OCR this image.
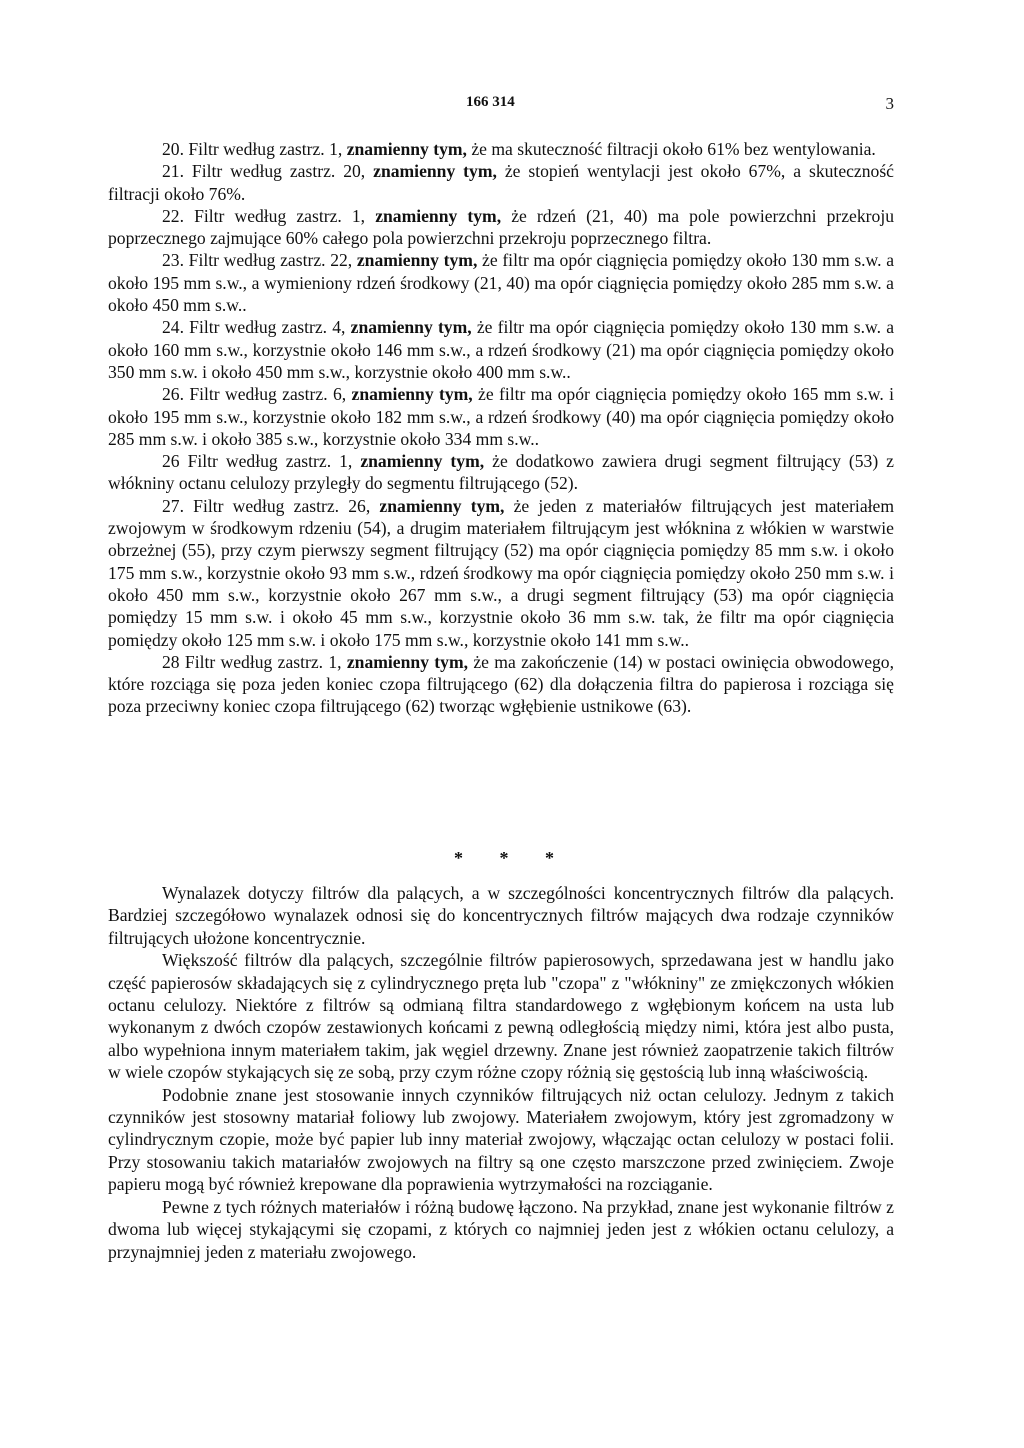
166 314	3

20. Filtr według zastrz. 1, znamienny tym, że ma skuteczność filtracji około 61% bez wentylowania.

21. Filtr według zastrz. 20, znamienny tym, że stopień wentylacji jest około 67%, a skuteczność filtracji około 76%.

22. Filtr według zastrz. 1, znamienny tym, że rdzeń (21, 40) ma pole powierzchni przekroju poprzecznego zajmujące 60% całego pola powierzchni przekroju poprzecznego filtra.

23. Filtr według zastrz. 22, znamienny tym, że filtr ma opór ciągnięcia pomiędzy około 130 mm s.w. a około 195 mm s.w., a wymieniony rdzeń środkowy (21, 40) ma opór ciągnięcia pomiędzy około 285 mm s.w. a około 450 mm s.w..

24. Filtr według zastrz. 4, znamienny tym, że filtr ma opór ciągnięcia pomiędzy około 130 mm s.w. a około 160 mm s.w., korzystnie około 146 mm s.w., a rdzeń środkowy (21) ma opór ciągnięcia pomiędzy około 350 mm s.w. i około 450 mm s.w., korzystnie około 400 mm s.w..

26. Filtr według zastrz. 6, znamienny tym, że filtr ma opór ciągnięcia pomiędzy około 165 mm s.w. i około 195 mm s.w., korzystnie około 182 mm s.w., a rdzeń środkowy (40) ma opór ciągnięcia pomiędzy około 285 mm s.w. i około 385 s.w., korzystnie około 334 mm s.w..

26 Filtr według zastrz. 1, znamienny tym, że dodatkowo zawiera drugi segment filtrujący (53) z włókniny octanu celulozy przyległy do segmentu filtrującego (52).

27. Filtr według zastrz. 26, znamienny tym, że jeden z materiałów filtrujących jest materiałem zwojowym w środkowym rdzeniu (54), a drugim materiałem filtrującym jest włóknina z włókien w warstwie obrzeżnej (55), przy czym pierwszy segment filtrujący (52) ma opór ciągnięcia pomiędzy 85 mm s.w. i około 175 mm s.w., korzystnie około 93 mm s.w., rdzeń środkowy ma opór ciągnięcia pomiędzy około 250 mm s.w. i około 450 mm s.w., korzystnie około 267 mm s.w., a drugi segment filtrujący (53) ma opór ciągnięcia pomiędzy 15 mm s.w. i około 45 mm s.w., korzystnie około 36 mm s.w. tak, że filtr ma opór ciągnięcia pomiędzy około 125 mm s.w. i około 175 mm s.w., korzystnie około 141 mm s.w..

28 Filtr według zastrz. 1, znamienny tym, że ma zakończenie (14) w postaci owinięcia obwodowego, które rozciąga się poza jeden koniec czopa filtrującego (62) dla dołączenia filtra do papierosa i rozciąga się poza przeciwny koniec czopa filtrującego (62) tworząc wgłębienie ustnikowe (63).

* * *

Wynalazek dotyczy filtrów dla palących, a w szczególności koncentrycznych filtrów dla palących. Bardziej szczegółowo wynalazek odnosi się do koncentrycznych filtrów mających dwa rodzaje czynników filtrujących ułożone koncentrycznie.

Większość filtrów dla palących, szczególnie filtrów papierosowych, sprzedawana jest w handlu jako część papierosów składających się z cylindrycznego pręta lub "czopa" z "włókniny" ze zmiękczonych włókien octanu celulozy. Niektóre z filtrów są odmianą filtra standardowego z wgłębionym końcem na usta lub wykonanym z dwóch czopów zestawionych końcami z pewną odległością między nimi, która jest albo pusta, albo wypełniona innym materiałem takim, jak węgiel drzewny. Znane jest również zaopatrzenie takich filtrów w wiele czopów stykających się ze sobą, przy czym różne czopy różnią się gęstością lub inną właściwością.

Podobnie znane jest stosowanie innych czynników filtrujących niż octan celulozy. Jednym z takich czynników jest stosowny matariał foliowy lub zwojowy. Materiałem zwojowym, który jest zgromadzony w cylindrycznym czopie, może być papier lub inny materiał zwojowy, włączając octan celulozy w postaci folii. Przy stosowaniu takich matariałów zwojowych na filtry są one często marszczone przed zwinięciem. Zwoje papieru mogą być również krepowane dla poprawienia wytrzymałości na rozciąganie.

Pewne z tych różnych materiałów i różną budowę łączono. Na przykład, znane jest wykonanie filtrów z dwoma lub więcej stykającymi się czopami, z których co najmniej jeden jest z włókien octanu celulozy, a przynajmniej jeden z materiału zwojowego.
